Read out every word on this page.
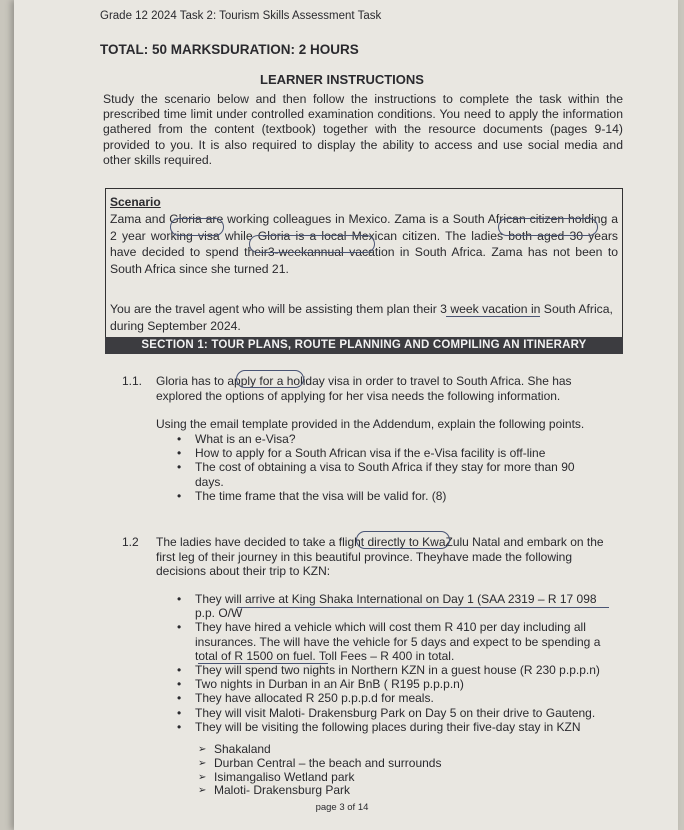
Grade 12 2024 Task 2: Tourism Skills Assessment Task
TOTAL: 50 MARKSDURATION: 2 HOURS
LEARNER INSTRUCTIONS
Study the scenario below and then follow the instructions to complete the task within the prescribed time limit under controlled examination conditions. You need to apply the information gathered from the content (textbook) together with the resource documents (pages 9-14) provided to you. It is also required to display the ability to access and use social media and other skills required.
Scenario
Zama and Gloria are working colleagues in Mexico. Zama is a South African citizen holding a 2 year working visa while Gloria is a local Mexican citizen. The ladies both aged 30 years have decided to spend their3-weekannual vacation in South Africa. Zama has not been to South Africa since she turned 21.
You are the travel agent who will be assisting them plan their 3 week vacation in South Africa, during September 2024.
SECTION 1: TOUR PLANS, ROUTE PLANNING AND COMPILING AN ITINERARY
1.1. Gloria has to apply for a holiday visa in order to travel to South Africa. She has explored the options of applying for her visa needs the following information.
Using the email template provided in the Addendum, explain the following points.
• What is an e-Visa?
• How to apply for a South African visa if the e-Visa facility is off-line
• The cost of obtaining a visa to South Africa if they stay for more than 90 days.
• The time frame that the visa will be valid for. (8)
1.2 The ladies have decided to take a flight directly to KwaZulu Natal and embark on the first leg of their journey in this beautiful province. Theyhave made the following decisions about their trip to KZN:
• They will arrive at King Shaka International on Day 1 (SAA 2319 – R 17 098 p.p. O/W
• They have hired a vehicle which will cost them R 410 per day including all insurances. The will have the vehicle for 5 days and expect to be spending a total of R 1500 on fuel. Toll Fees – R 400 in total.
• They will spend two nights in Northern KZN in a guest house (R 230 p.p.p.n)
• Two nights in Durban in an Air BnB ( R195 p.p.p.n)
• They have allocated R 250 p.p.p.d for meals.
• They will visit Maloti- Drakensburg Park on Day 5 on their drive to Gauteng.
• They will be visiting the following places during their five-day stay in KZN
➢ Shakaland
➢ Durban Central – the beach and surrounds
➢ Isimangaliso Wetland park
➢ Maloti- Drakensburg Park
page 3 of 14
